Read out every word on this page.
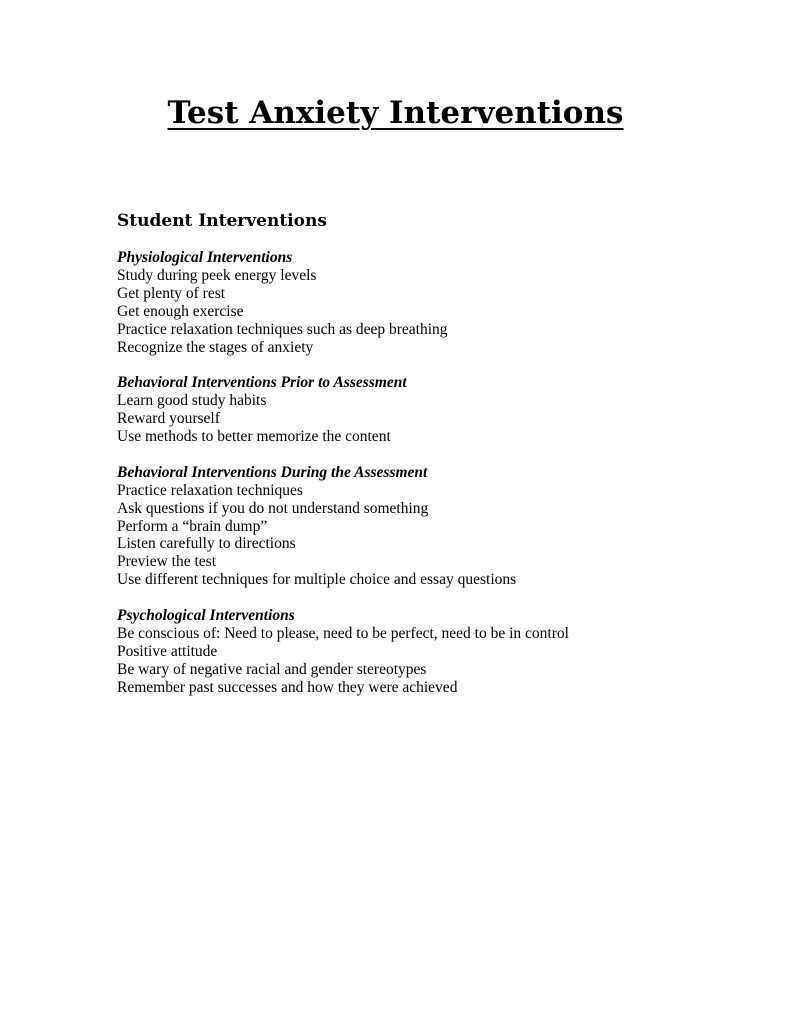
Test Anxiety Interventions
Student Interventions

Physiological Interventions

Study during peek energy levels
Get plenty of rest
Get enough exercise
Practice relaxation techniques such as deep breathing
Recognize the stages of anxiety

Behavioral Interventions Prior to Assessment

Learn good study habits
Reward yourself
Use methods to better memorize the content

Behavioral Interventions During the Assessment

Practice relaxation techniques
Ask questions if you do not understand something
Perform a “brain dump”
Listen carefully to directions
Preview the test
Use different techniques for multiple choice and essay questions

Psychological Interventions

Be conscious of: Need to please, need to be perfect, need to be in control
Positive attitude
Be wary of negative racial and gender stereotypes
Remember past successes and how they were achieved
